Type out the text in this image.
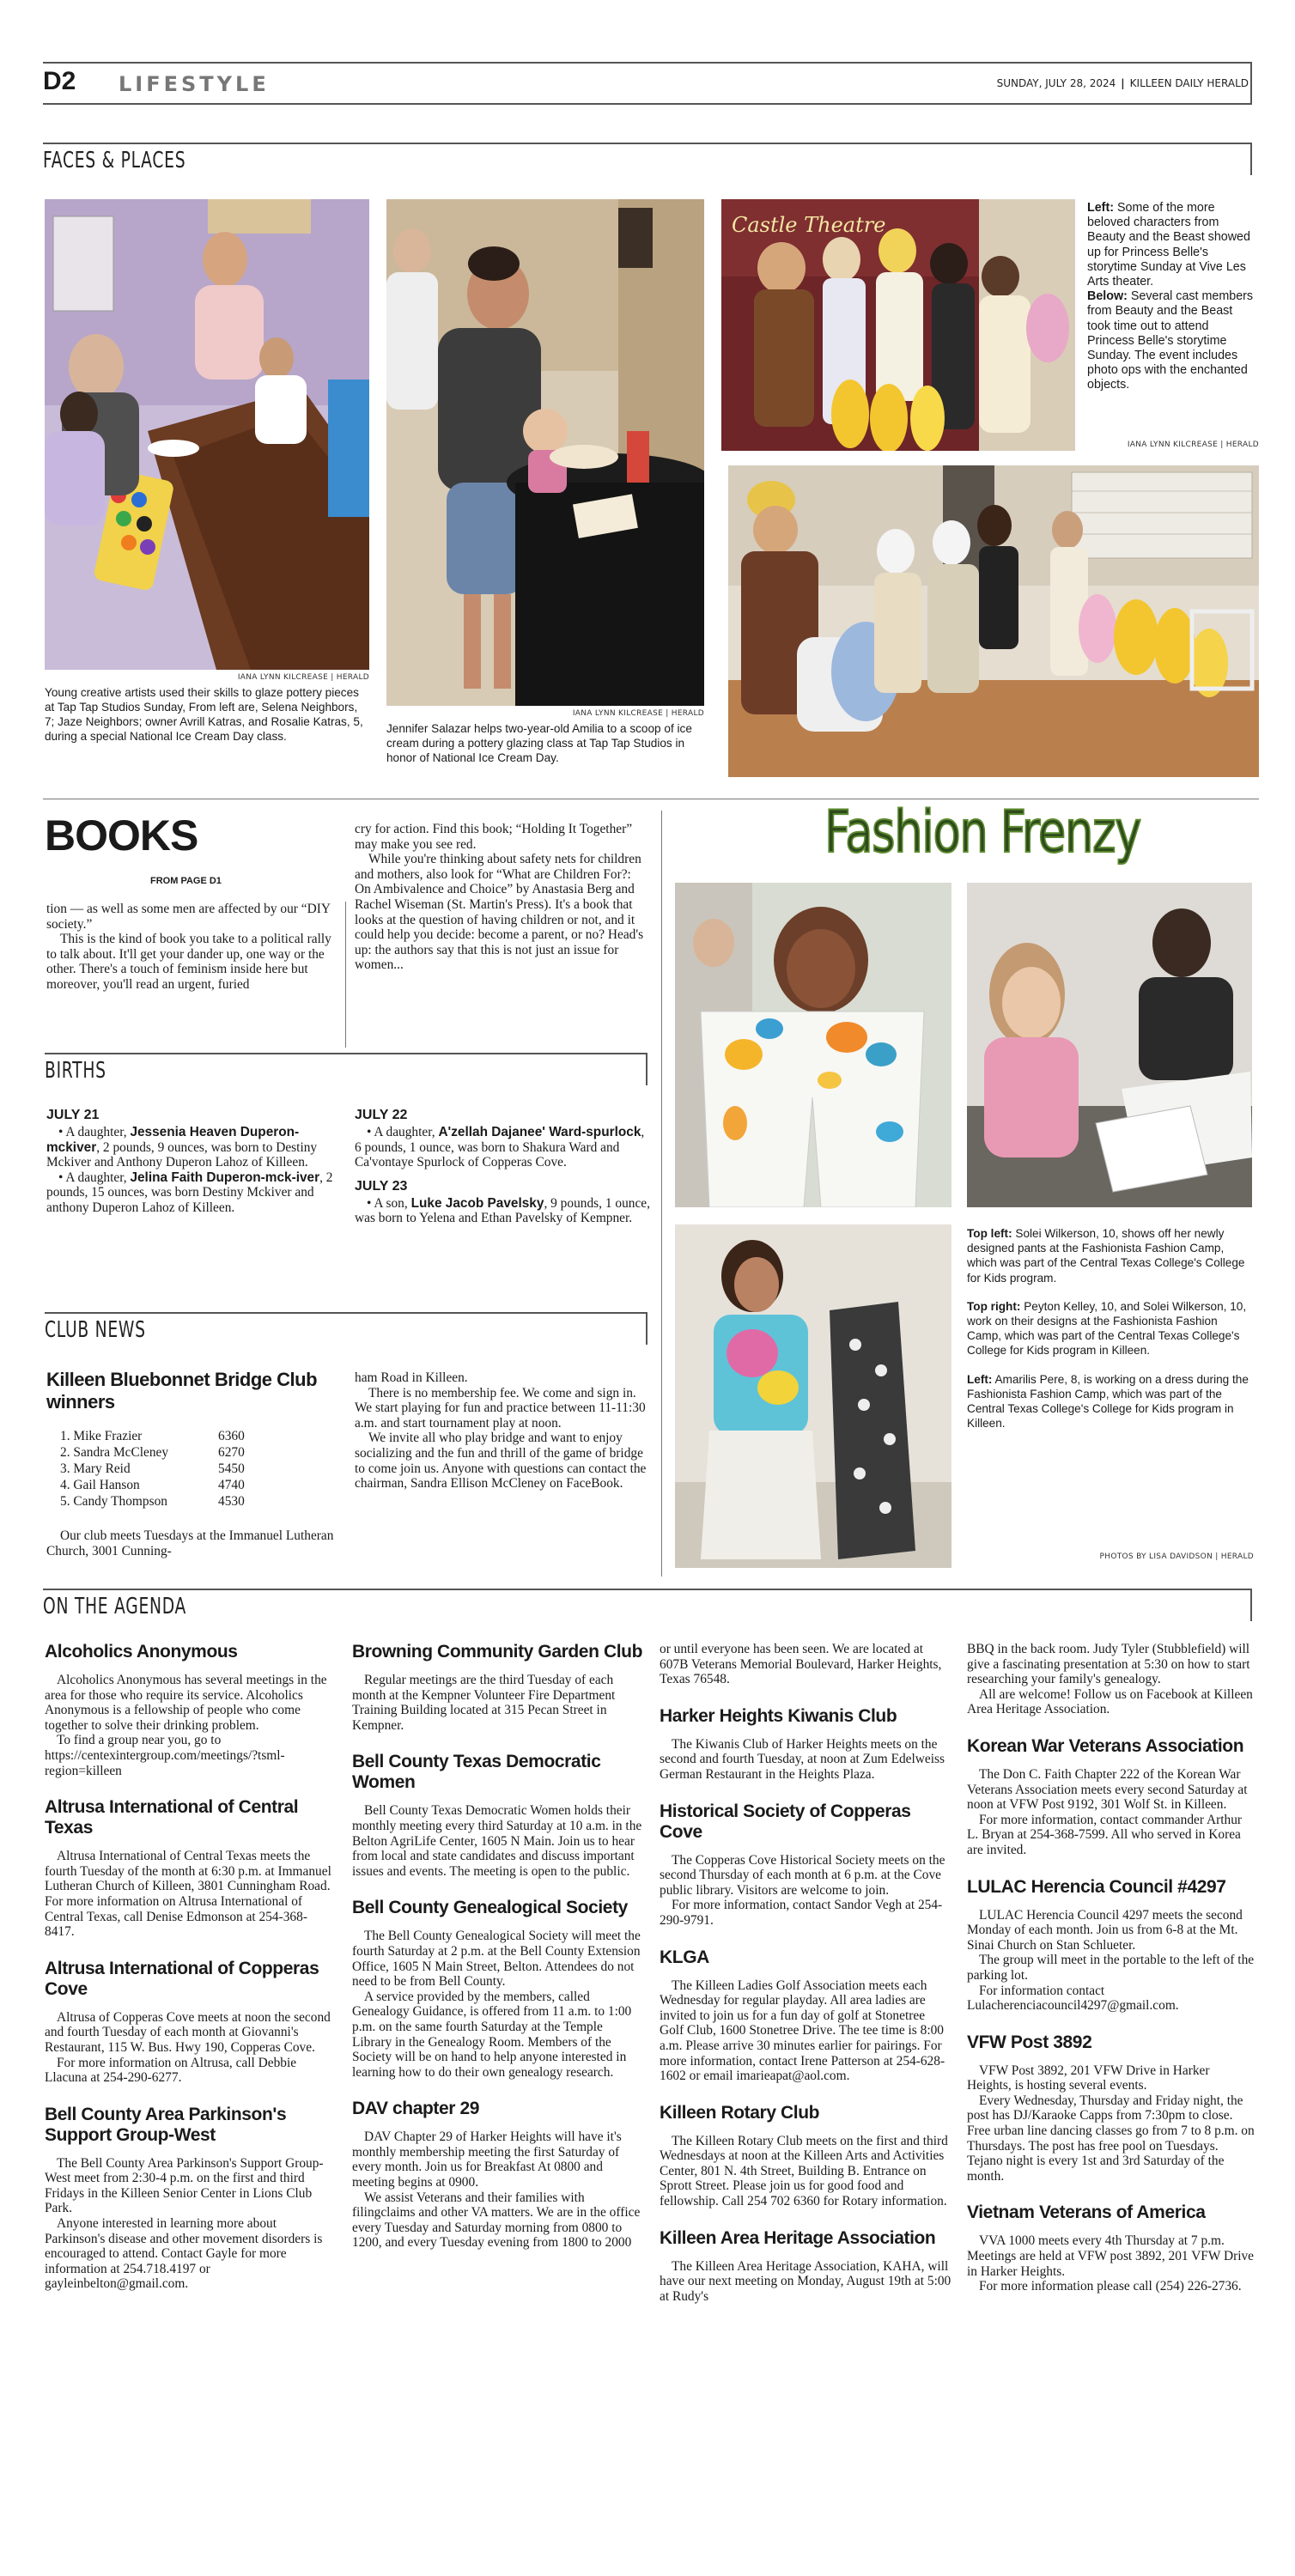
D2 LIFESTYLE	SUNDAY, JULY 28, 2024 | KILLEEN DAILY HERALD
FACES & PLACES
IANA LYNN KILCREASE | HERALD
Young creative artists used their skills to glaze pottery pieces at Tap Tap Studios Sunday, From left are, Selena Neighbors, 7; Jaze Neighbors; owner Avrill Katras, and Rosalie Katras, 5, during a special National Ice Cream Day class.
IANA LYNN KILCREASE | HERALD
Jennifer Salazar helps two-year-old Amilia to a scoop of ice cream during a pottery glazing class at Tap Tap Studios in honor of National Ice Cream Day.
Castle Theatre
Left: Some of the more beloved characters from Beauty and the Beast showed up for Princess Belle's storytime Sunday at Vive Les Arts theater.
Below: Several cast members from Beauty and the Beast took time out to attend Princess Belle's storytime Sunday. The event includes photo ops with the enchanted objects.
IANA LYNN KILCREASE | HERALD
BOOKS
FROM PAGE D1

tion — as well as some men are affected by our “DIY society.”

This is the kind of book you take to a political rally to talk about. It'll get your dander up, one way or the other. There's a touch of feminism inside here but moreover, you'll read an urgent, furied

cry for action. Find this book; “Holding It Together” may make you see red.

While you're thinking about safety nets for children and mothers, also look for “What are Children For?: On Ambivalence and Choice” by Anastasia Berg and Rachel Wiseman (St. Martin's Press). It's a book that looks at the question of having children or not, and it could help you decide: become a parent, or no? Head's up: the authors say that this is not just an issue for women...

BIRTHS
JULY 21

• A daughter, Jessenia Heaven Duperon-mckiver, 2 pounds, 9 ounces, was born to Destiny Mckiver and Anthony Duperon Lahoz of Killeen.

• A daughter, Jelina Faith Duperon-mck-iver, 2 pounds, 15 ounces, was born Destiny Mckiver and anthony Duperon Lahoz of Killeen.

JULY 22

• A daughter, A'zellah Dajanee' Ward-spurlock, 6 pounds, 1 ounce, was born to Shakura Ward and Ca'vontaye Spurlock of Copperas Cove.

JULY 23

• A son, Luke Jacob Pavelsky, 9 pounds, 1 ounce, was born to Yelena and Ethan Pavelsky of Kempner.

CLUB NEWS
Killeen Bluebonnet Bridge Club winners
1. Mike Frazier	6360
2. Sandra McCleney	6270
3. Mary Reid	5450
4. Gail Hanson	4740
5. Candy Thompson	4530

Our club meets Tuesdays at the Immanuel Lutheran Church, 3001 Cunning-

ham Road in Killeen.

There is no membership fee. We come and sign in. We start playing for fun and practice between 11-11:30 a.m. and start tournament play at noon.

We invite all who play bridge and want to enjoy socializing and the fun and thrill of the game of bridge to come join us. Anyone with questions can contact the chairman, Sandra Ellison McCleney on FaceBook.

Fashion Frenzy

Top left: Solei Wilkerson, 10, shows off her newly designed pants at the Fashionista Fashion Camp, which was part of the Central Texas College's College for Kids program.

Top right: Peyton Kelley, 10, and Solei Wilkerson, 10, work on their designs at the Fashionista Fashion Camp, which was part of the Central Texas College's College for Kids program in Killeen.

Left: Amarilis Pere, 8, is working on a dress during the Fashionista Fashion Camp, which was part of the Central Texas College's College for Kids program in Killeen.

PHOTOS BY LISA DAVIDSON | HERALD
ON THE AGENDA
Alcoholics Anonymous

Alcoholics Anonymous has several meetings in the area for those who require its service. Alcoholics Anonymous is a fellowship of people who come together to solve their drinking problem.

To find a group near you, go to https://centexintergroup.com/meetings/?tsml-region=killeen

Altrusa International of Central Texas

Altrusa International of Central Texas meets the fourth Tuesday of the month at 6:30 p.m. at Immanuel Lutheran Church of Killeen, 3801 Cunningham Road. For more information on Altrusa International of Central Texas, call Denise Edmonson at 254-368-8417.

Altrusa International of Copperas Cove

Altrusa of Copperas Cove meets at noon the second and fourth Tuesday of each month at Giovanni's Restaurant, 115 W. Bus. Hwy 190, Copperas Cove.

For more information on Altrusa, call Debbie Llacuna at 254-290-6277.

Bell County Area Parkinson's Support Group-West

The Bell County Area Parkinson's Support Group-West meet from 2:30-4 p.m. on the first and third Fridays in the Killeen Senior Center in Lions Club Park.

Anyone interested in learning more about Parkinson's disease and other movement disorders is encouraged to attend. Contact Gayle for more information at 254.718.4197 or gayleinbelton@gmail.com.

Browning Community Garden Club

Regular meetings are the third Tuesday of each month at the Kempner Volunteer Fire Department Training Building located at 315 Pecan Street in Kempner.

Bell County Texas Democratic Women

Bell County Texas Democratic Women holds their monthly meeting every third Saturday at 10 a.m. in the Belton AgriLife Center, 1605 N Main. Join us to hear from local and state candidates and discuss important issues and events. The meeting is open to the public.

Bell County Genealogical Society

The Bell County Genealogical Society will meet the fourth Saturday at 2 p.m. at the Bell County Extension Office, 1605 N Main Street, Belton. Attendees do not need to be from Bell County.

A service provided by the members, called Genealogy Guidance, is offered from 11 a.m. to 1:00 p.m. on the same fourth Saturday at the Temple Library in the Genealogy Room. Members of the Society will be on hand to help anyone interested in learning how to do their own genealogy research.

DAV chapter 29

DAV Chapter 29 of Harker Heights will have it's monthly membership meeting the first Saturday of every month. Join us for Breakfast At 0800 and meeting begins at 0900.

We assist Veterans and their families with filingclaims and other VA matters. We are in the office every Tuesday and Saturday morning from 0800 to 1200, and every Tuesday evening from 1800 to 2000

or until everyone has been seen. We are located at 607B Veterans Memorial Boulevard, Harker Heights, Texas 76548.

Harker Heights Kiwanis Club

The Kiwanis Club of Harker Heights meets on the second and fourth Tuesday, at noon at Zum Edelweiss German Restaurant in the Heights Plaza.

Historical Society of Copperas Cove

The Copperas Cove Historical Society meets on the second Thursday of each month at 6 p.m. at the Cove public library. Visitors are welcome to join.

For more information, contact Sandor Vegh at 254-290-9791.

KLGA

The Killeen Ladies Golf Association meets each Wednesday for regular playday. All area ladies are invited to join us for a fun day of golf at Stonetree Golf Club, 1600 Stonetree Drive. The tee time is 8:00 a.m. Please arrive 30 minutes earlier for pairings. For more information, contact Irene Patterson at 254-628-1602 or email imarieapat@aol.com.

Killeen Rotary Club

The Killeen Rotary Club meets on the first and third Wednesdays at noon at the Killeen Arts and Activities Center, 801 N. 4th Street, Building B. Entrance on Sprott Street. Please join us for good food and fellowship. Call 254 702 6360 for Rotary information.

Killeen Area Heritage Association

The Killeen Area Heritage Association, KAHA, will have our next meeting on Monday, August 19th at 5:00 at Rudy's

BBQ in the back room. Judy Tyler (Stubblefield) will give a fascinating presentation at 5:30 on how to start researching your family's genealogy.

All are welcome! Follow us on Facebook at Killeen Area Heritage Association.

Korean War Veterans Association

The Don C. Faith Chapter 222 of the Korean War Veterans Association meets every second Saturday at noon at VFW Post 9192, 301 Wolf St. in Killeen.

For more information, contact commander Arthur L. Bryan at 254-368-7599. All who served in Korea are invited.

LULAC Herencia Council #4297

LULAC Herencia Council 4297 meets the second Monday of each month. Join us from 6-8 at the Mt. Sinai Church on Stan Schlueter.

The group will meet in the portable to the left of the parking lot.

For information contact Lulacherenciacouncil4297@gmail.com.

VFW Post 3892

VFW Post 3892, 201 VFW Drive in Harker Heights, is hosting several events.

Every Wednesday, Thursday and Friday night, the post has DJ/Karaoke Capps from 7:30pm to close. Free urban line dancing classes go from 7 to 8 p.m. on Thursdays. The post has free pool on Tuesdays. Tejano night is every 1st and 3rd Saturday of the month.

Vietnam Veterans of America

VVA 1000 meets every 4th Thursday at 7 p.m. Meetings are held at VFW post 3892, 201 VFW Drive in Harker Heights.

For more information please call (254) 226-2736.
